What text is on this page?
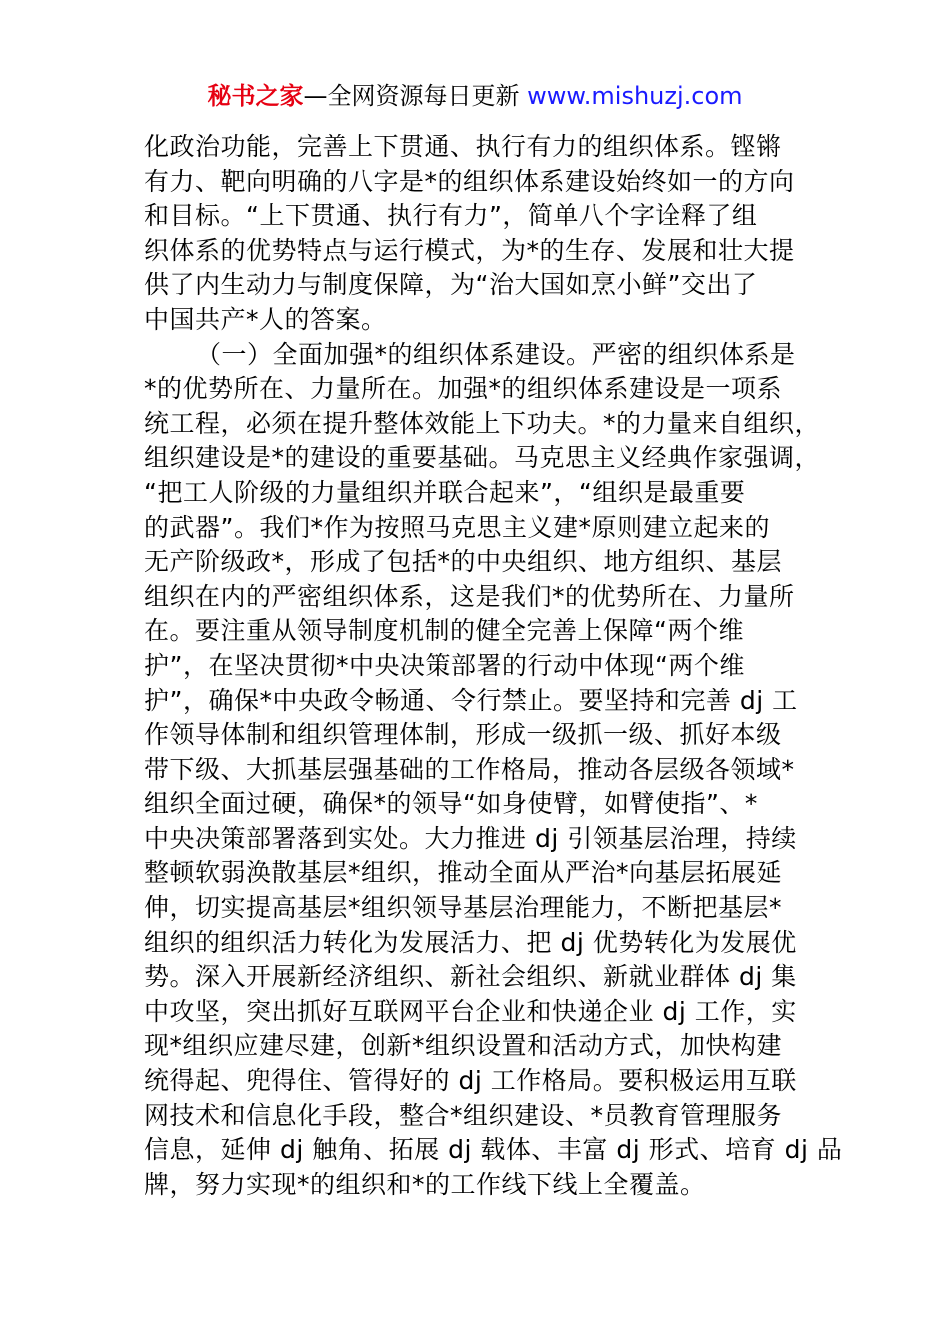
秘书之家—全网资源每日更新 www.mishuzj.com
化政治功能，完善上下贯通、执行有力的组织体系。铿锵
有力、靶向明确的八字是*的组织体系建设始终如一的方向
和目标。“上下贯通、执行有力”，简单八个字诠释了组
织体系的优势特点与运行模式，为*的生存、发展和壮大提
供了内生动力与制度保障，为“治大国如烹小鲜”交出了
中国共产*人的答案。
（一）全面加强*的组织体系建设。严密的组织体系是
*的优势所在、力量所在。加强*的组织体系建设是一项系
统工程，必须在提升整体效能上下功夫。*的力量来自组织，
组织建设是*的建设的重要基础。马克思主义经典作家强调，
“把工人阶级的力量组织并联合起来”，“组织是最重要
的武器”。我们*作为按照马克思主义建*原则建立起来的
无产阶级政*，形成了包括*的中央组织、地方组织、基层
组织在内的严密组织体系，这是我们*的优势所在、力量所
在。要注重从领导制度机制的健全完善上保障“两个维
护”，在坚决贯彻*中央决策部署的行动中体现“两个维
护”，确保*中央政令畅通、令行禁止。要坚持和完善 dj 工
作领导体制和组织管理体制，形成一级抓一级、抓好本级
带下级、大抓基层强基础的工作格局，推动各层级各领域*
组织全面过硬，确保*的领导“如身使臂，如臂使指”、*
中央决策部署落到实处。大力推进 dj 引领基层治理，持续
整顿软弱涣散基层*组织，推动全面从严治*向基层拓展延
伸，切实提高基层*组织领导基层治理能力，不断把基层*
组织的组织活力转化为发展活力、把 dj 优势转化为发展优
势。深入开展新经济组织、新社会组织、新就业群体 dj 集
中攻坚，突出抓好互联网平台企业和快递企业 dj 工作，实
现*组织应建尽建，创新*组织设置和活动方式，加快构建
统得起、兜得住、管得好的 dj 工作格局。要积极运用互联
网技术和信息化手段，整合*组织建设、*员教育管理服务
信息，延伸 dj 触角、拓展 dj 载体、丰富 dj 形式、培育 dj 品
牌，努力实现*的组织和*的工作线下线上全覆盖。
